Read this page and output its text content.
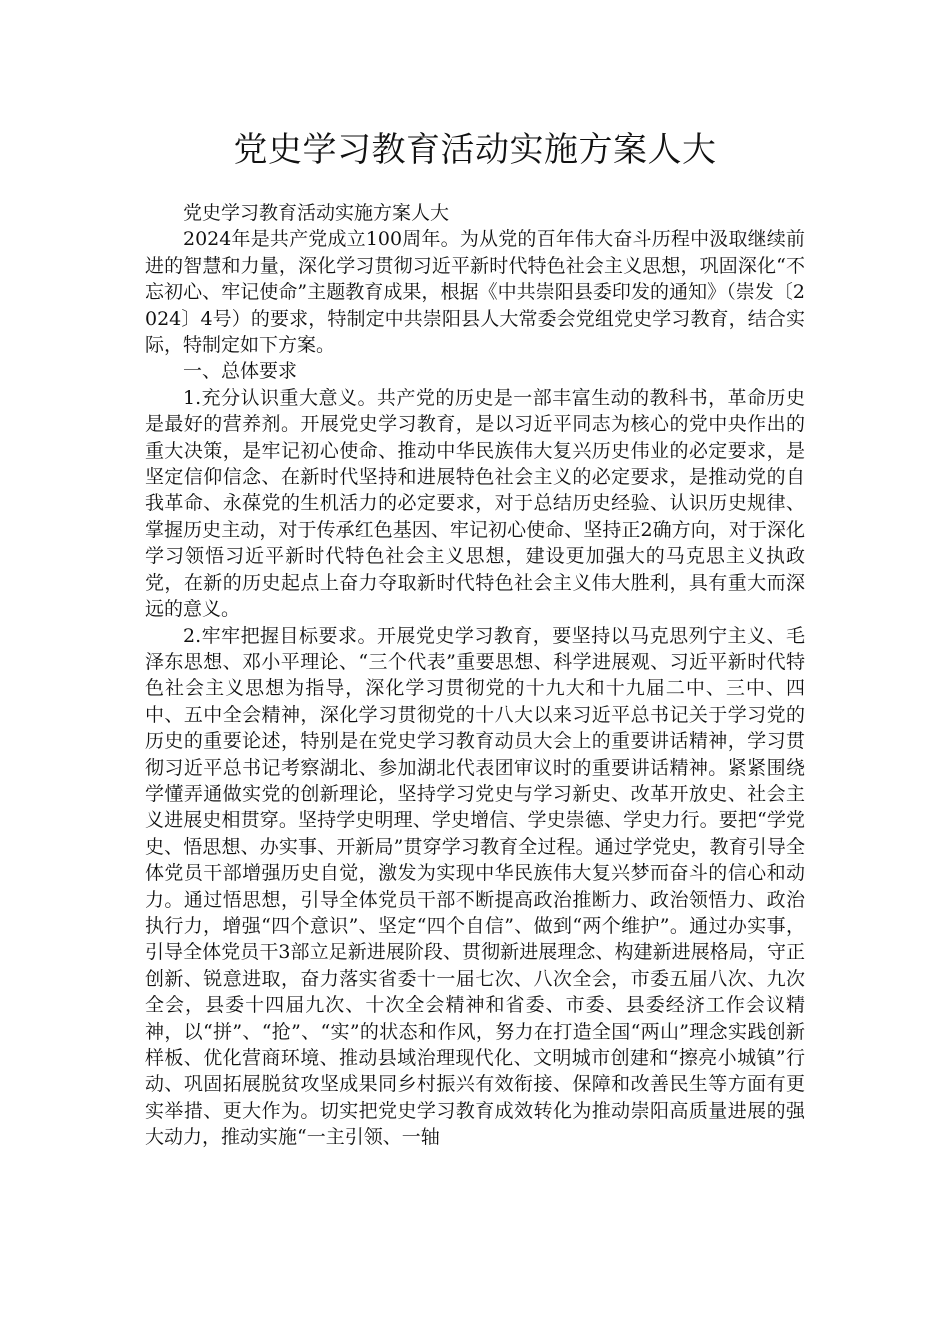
党史学习教育活动实施方案人大

党史学习教育活动实施方案人大

2024年是共产党成立100周年。为从党的百年伟大奋斗历程中汲取继续前进的智慧和力量，深化学习贯彻习近平新时代特色社会主义思想，巩固深化“不忘初心、牢记使命”主题教育成果，根据《中共崇阳县委印发的通知》（崇发〔2024〕4号）的要求，特制定中共崇阳县人大常委会党组党史学习教育，结合实际，特制定如下方案。

一、总体要求

1.充分认识重大意义。共产党的历史是一部丰富生动的教科书，革命历史是最好的营养剂。开展党史学习教育，是以习近平同志为核心的党中央作出的重大决策，是牢记初心使命、推动中华民族伟大复兴历史伟业的必定要求，是坚定信仰信念、在新时代坚持和进展特色社会主义的必定要求，是推动党的自我革命、永葆党的生机活力的必定要求，对于总结历史经验、认识历史规律、掌握历史主动，对于传承红色基因、牢记初心使命、坚持正2确方向，对于深化学习领悟习近平新时代特色社会主义思想，建设更加强大的马克思主义执政党，在新的历史起点上奋力夺取新时代特色社会主义伟大胜利，具有重大而深远的意义。

2.牢牢把握目标要求。开展党史学习教育，要坚持以马克思列宁主义、毛泽东思想、邓小平理论、“三个代表”重要思想、科学进展观、习近平新时代特色社会主义思想为指导，深化学习贯彻党的十九大和十九届二中、三中、四中、五中全会精神，深化学习贯彻党的十八大以来习近平总书记关于学习党的历史的重要论述，特别是在党史学习教育动员大会上的重要讲话精神，学习贯彻习近平总书记考察湖北、参加湖北代表团审议时的重要讲话精神。紧紧围绕学懂弄通做实党的创新理论，坚持学习党史与学习新史、改革开放史、社会主义进展史相贯穿。坚持学史明理、学史增信、学史崇德、学史力行。要把“学党史、悟思想、办实事、开新局”贯穿学习教育全过程。通过学党史，教育引导全体党员干部增强历史自觉，激发为实现中华民族伟大复兴梦而奋斗的信心和动力。通过悟思想，引导全体党员干部不断提高政治推断力、政治领悟力、政治执行力，增强“四个意识”、坚定“四个自信”、做到“两个维护”。通过办实事，引导全体党员干3部立足新进展阶段、贯彻新进展理念、构建新进展格局，守正创新、锐意进取，奋力落实省委十一届七次、八次全会，市委五届八次、九次全会，县委十四届九次、十次全会精神和省委、市委、县委经济工作会议精神，以“拼”、“抢”、“实”的状态和作风，努力在打造全国“两山”理念实践创新样板、优化营商环境、推动县域治理现代化、文明城市创建和“擦亮小城镇”行动、巩固拓展脱贫攻坚成果同乡村振兴有效衔接、保障和改善民生等方面有更实举措、更大作为。切实把党史学习教育成效转化为推动崇阳高质量进展的强大动力，推动实施“一主引领、一轴
